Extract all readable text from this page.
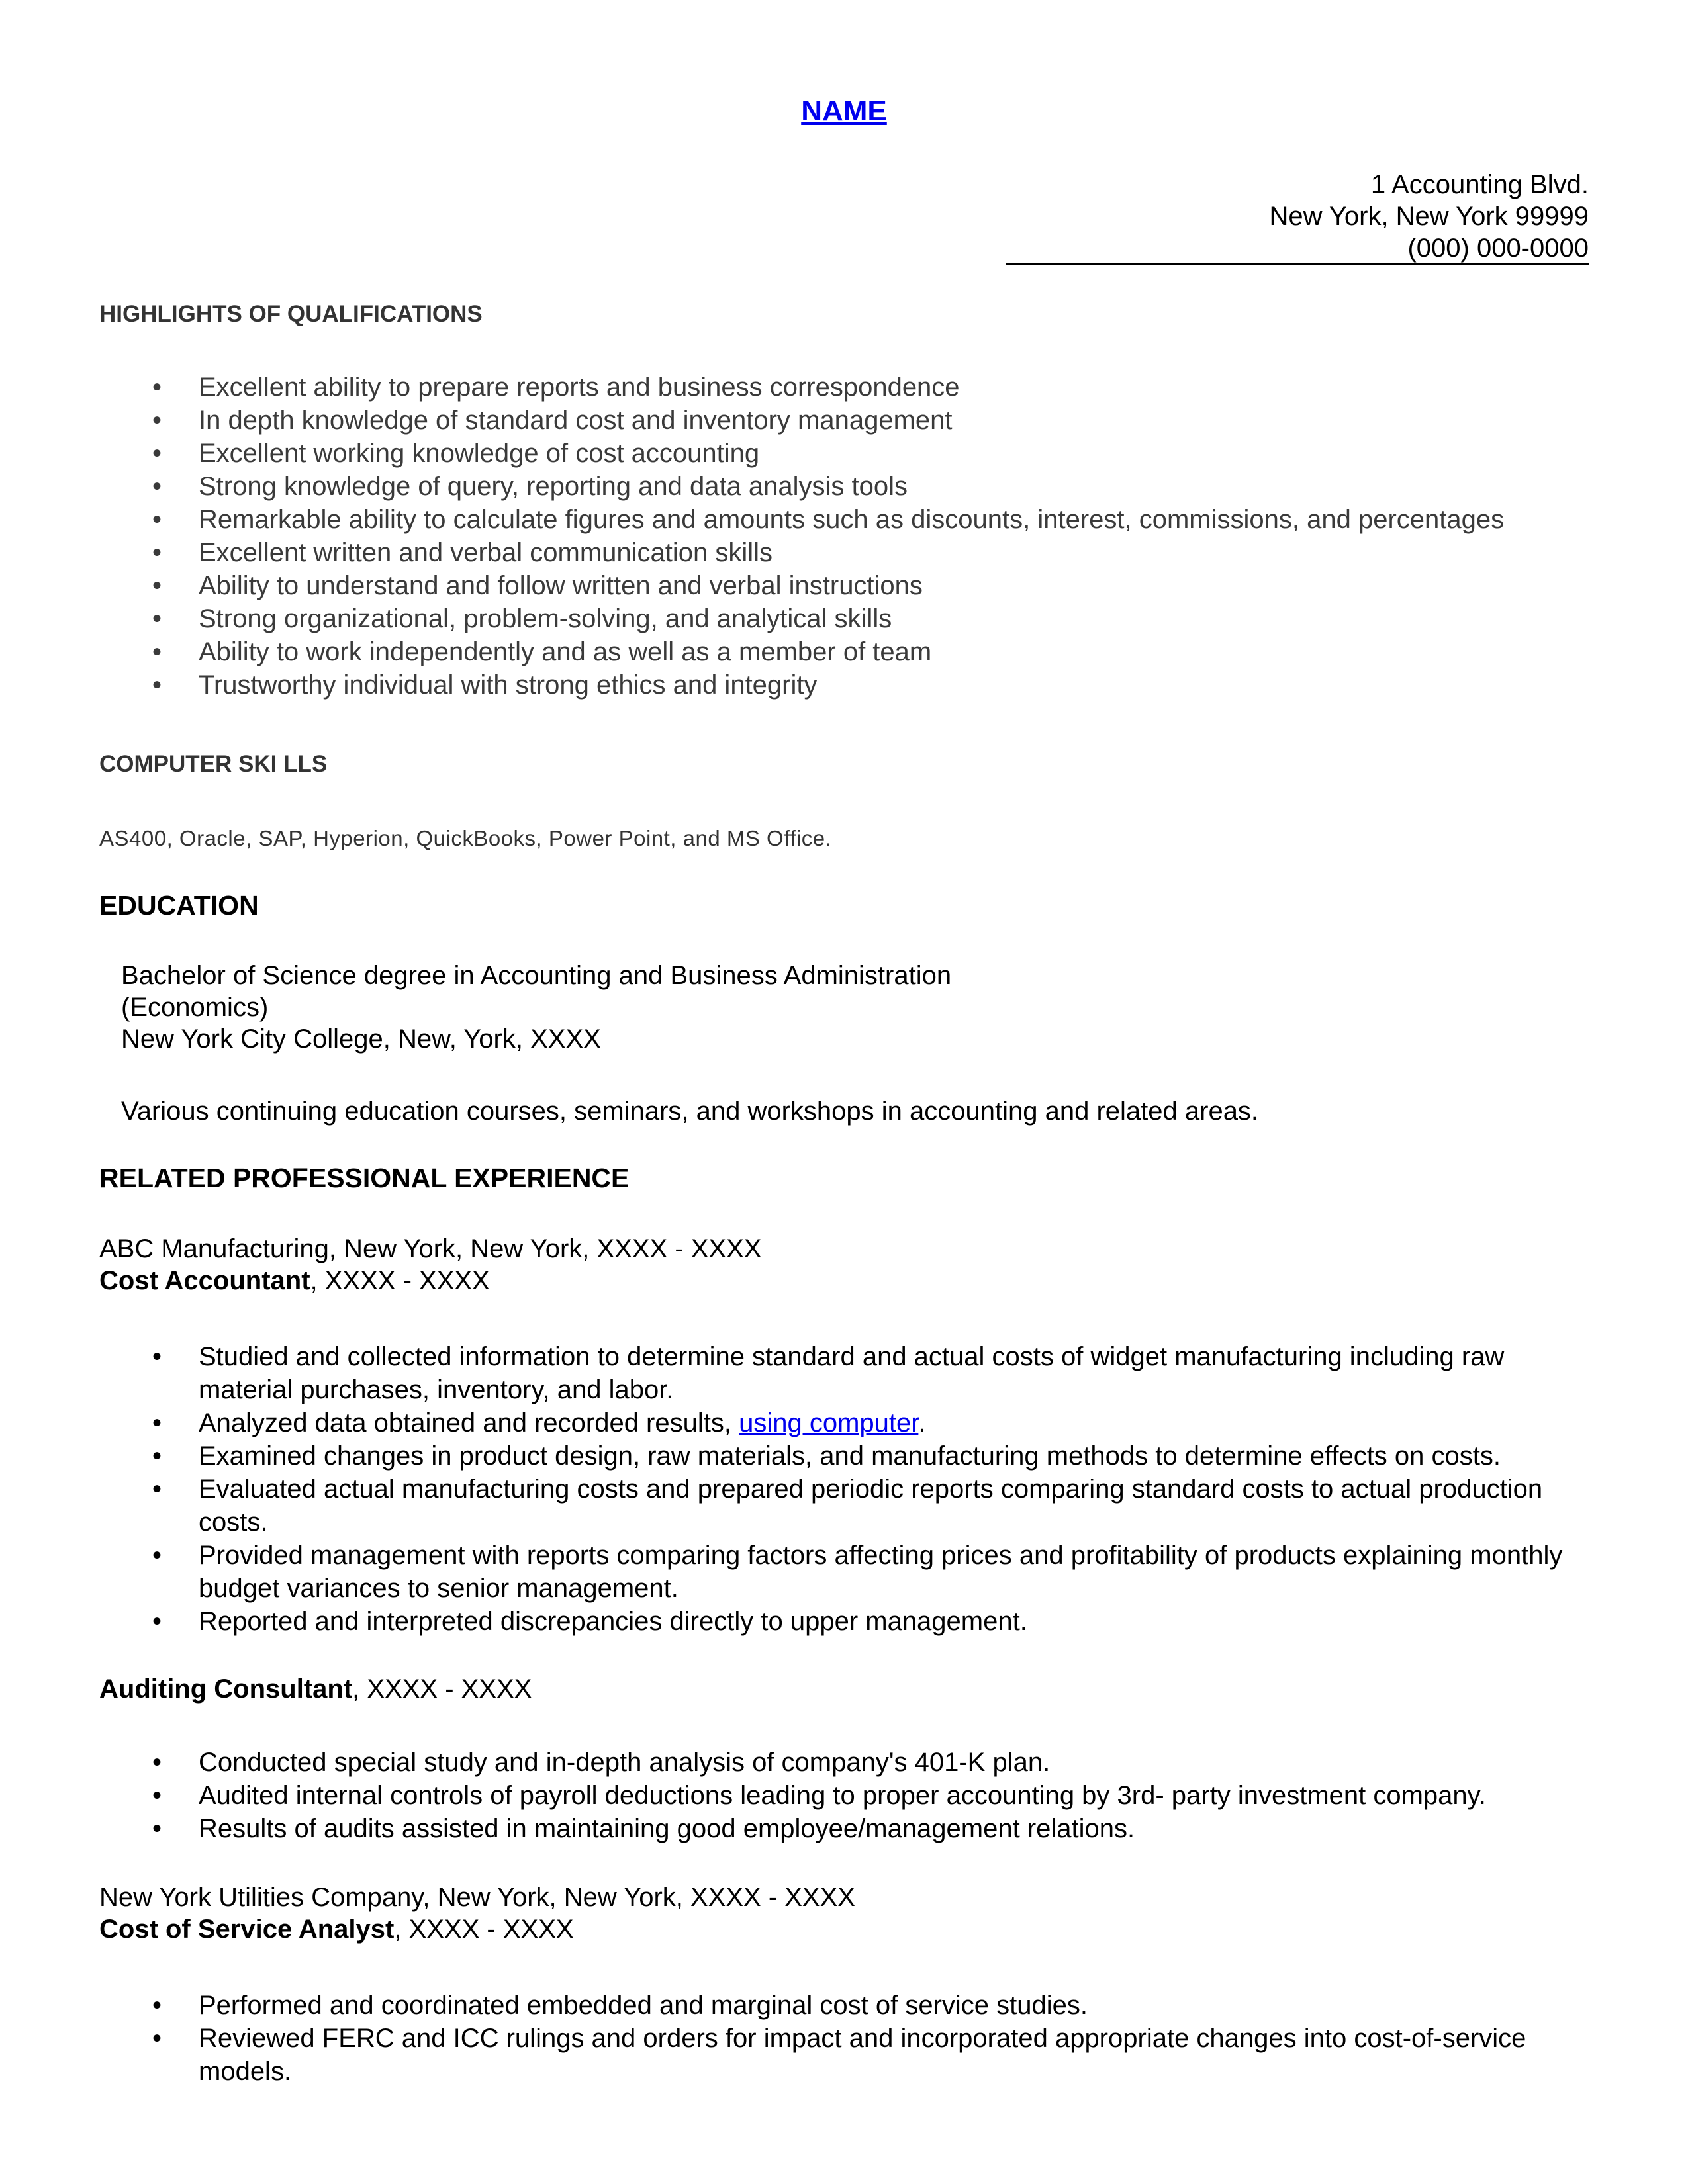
NAME
1 Accounting Blvd.
New York, New York 99999
(000) 000-0000
HIGHLIGHTS OF QUALIFICATIONS
• Excellent ability to prepare reports and business correspondence
• In depth knowledge of standard cost and inventory management
• Excellent working knowledge of cost accounting
• Strong knowledge of query, reporting and data analysis tools
• Remarkable ability to calculate figures and amounts such as discounts, interest, commissions, and percentages
• Excellent written and verbal communication skills
• Ability to understand and follow written and verbal instructions
• Strong organizational, problem-solving, and analytical skills
• Ability to work independently and as well as a member of team
• Trustworthy individual with strong ethics and integrity
COMPUTER SKI LLS
AS400, Oracle, SAP, Hyperion, QuickBooks, Power Point, and MS Office.
EDUCATION
Bachelor of Science degree in Accounting and Business Administration
(Economics)
New York City College, New, York, XXXX
Various continuing education courses, seminars, and workshops in accounting and related areas.
RELATED PROFESSIONAL EXPERIENCE
ABC Manufacturing, New York, New York, XXXX - XXXX
Cost Accountant, XXXX - XXXX
• Studied and collected information to determine standard and actual costs of widget manufacturing including raw material purchases, inventory, and labor.
• Analyzed data obtained and recorded results, using computer.
• Examined changes in product design, raw materials, and manufacturing methods to determine effects on costs.
• Evaluated actual manufacturing costs and prepared periodic reports comparing standard costs to actual production costs.
• Provided management with reports comparing factors affecting prices and profitability of products explaining monthly budget variances to senior management.
• Reported and interpreted discrepancies directly to upper management.
Auditing Consultant, XXXX - XXXX
• Conducted special study and in-depth analysis of company's 401-K plan.
• Audited internal controls of payroll deductions leading to proper accounting by 3rd- party investment company.
• Results of audits assisted in maintaining good employee/management relations.
New York Utilities Company, New York, New York, XXXX - XXXX
Cost of Service Analyst, XXXX - XXXX
• Performed and coordinated embedded and marginal cost of service studies.
• Reviewed FERC and ICC rulings and orders for impact and incorporated appropriate changes into cost-of-service models.
